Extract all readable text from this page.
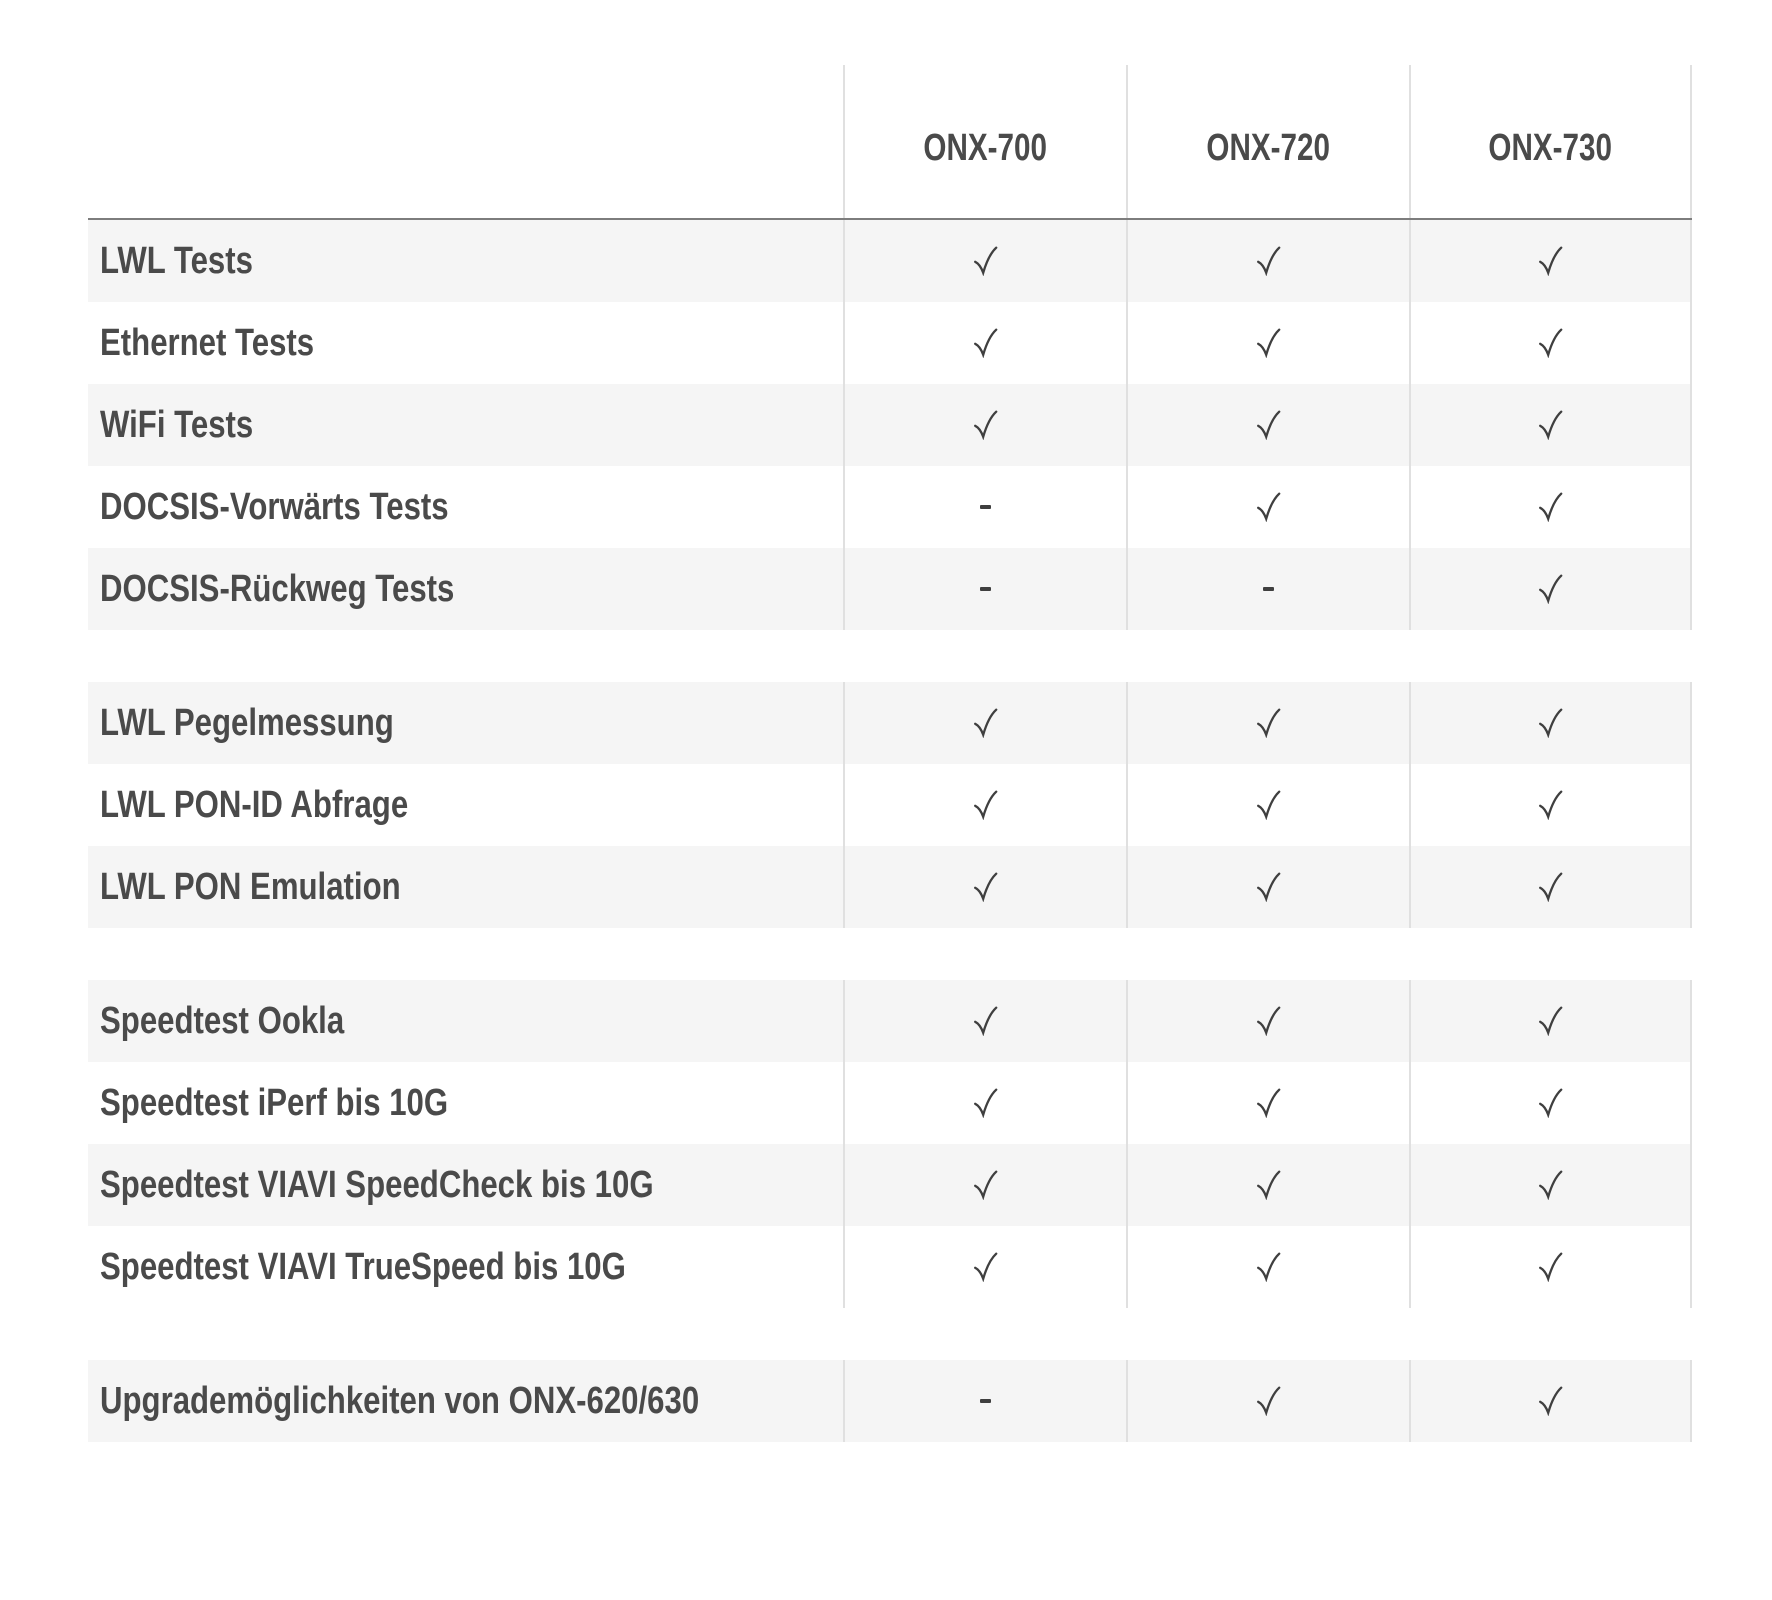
ONX-700	ONX-720	ONX-730
LWL Tests
Ethernet Tests
WiFi Tests
DOCSIS-Vorwärts Tests
DOCSIS-Rückweg Tests
LWL Pegelmessung
LWL PON-ID Abfrage
LWL PON Emulation
Speedtest Ookla
Speedtest iPerf bis 10G
Speedtest VIAVI SpeedCheck bis 10G
Speedtest VIAVI TrueSpeed bis 10G
Upgrademöglichkeiten von ONX-620/630
